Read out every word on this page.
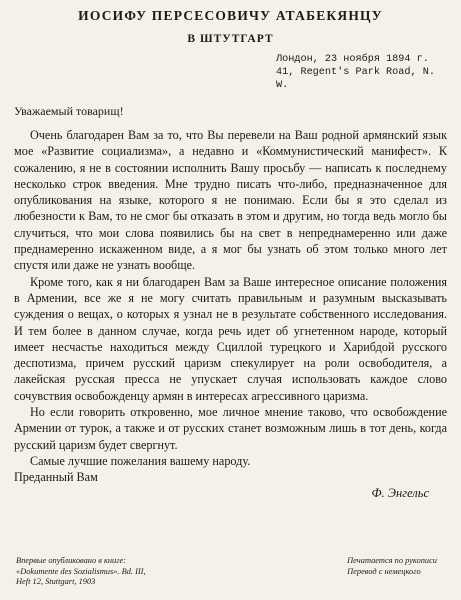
ИОСИФУ ПЕРСЕСОВИЧУ АТАБЕКЯНЦУ
В ШТУТГАРТ
Лондон, 23 ноября 1894 г.
41, Regent's Park Road, N. W.
Уважаемый товарищ!

Очень благодарен Вам за то, что Вы перевели на Ваш родной армянский язык мое «Развитие социализма», а недавно и «Коммунистический манифест». К сожалению, я не в состоянии исполнить Вашу просьбу — написать к последнему несколько строк введения. Мне трудно писать что-либо, предназначенное для опубликования на языке, которого я не понимаю. Если бы я это сделал из любезности к Вам, то не смог бы отказать в этом и другим, но тогда ведь могло бы случиться, что мои слова появились бы на свет в непреднамеренно или даже преднамеренно искаженном виде, а я мог бы узнать об этом только много лет спустя или даже не узнать вообще.

Кроме того, как я ни благодарен Вам за Ваше интересное описание положения в Армении, все же я не могу считать правильным и разумным высказывать суждения о вещах, о которых я узнал не в результате собственного исследования. И тем более в данном случае, когда речь идет об угнетенном народе, который имеет несчастье находиться между Сциллой турецкого и Харибдой русского деспотизма, причем русский царизм спекулирует на роли освободителя, а лакейская русская пресса не упускает случая использовать каждое слово сочувствия освобожденцу армян в интересах агрессивного царизма.

Но если говорить откровенно, мое личное мнение таково, что освобождение Армении от турок, а также и от русских станет возможным лишь в тот день, когда русский царизм будет свергнут.

Самые лучшие пожелания вашему народу.
Преданный Вам
Ф. Энгельс
Впервые опубликовано в книге:
«Dokumente des Sozialismus». Bd. III,
Heft 12, Stuttgart, 1903
Печатается по рукописи
Перевод с немецкого
